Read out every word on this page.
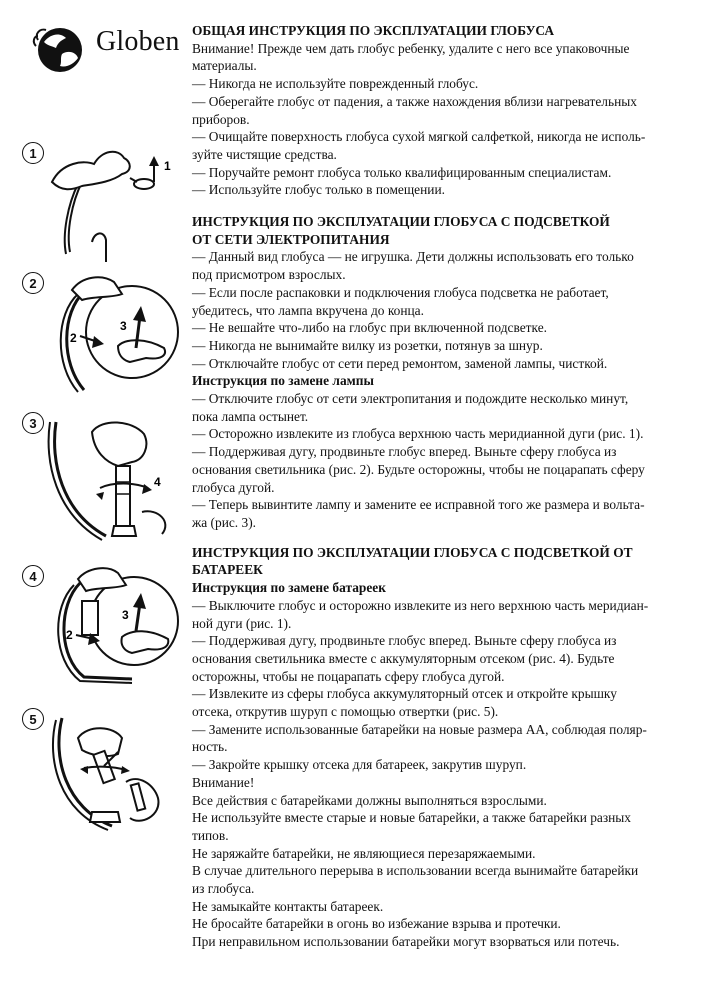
Globen ОБЩАЯ ИНСТРУКЦИЯ ПО ЭКСПЛУАТАЦИИ ГЛОБУСА

Внимание! Прежде чем дать глобус ребенку, удалите с него все упаковочные

материалы.

— Никогда не используйте поврежденный глобус.

— Оберегайте глобус от падения, а также нахождения вблизи нагревательных

приборов.

— Очищайте поверхность глобуса сухой мягкой салфеткой, никогда не исполь-

зуйте чистящие средства.

— Поручайте ремонт глобуса только квалифицированным специалистам.

— Используйте глобус только в помещении.

ИНСТРУКЦИЯ ПО ЭКСПЛУАТАЦИИ ГЛОБУСА С ПОДСВЕТКОЙ

ОТ СЕТИ ЭЛЕКТРОПИТАНИЯ

— Данный вид глобуса — не игрушка. Дети должны использовать его только

под присмотром взрослых.

— Если после распаковки и подключения глобуса подсветка не работает,

убедитесь, что лампа вкручена до конца.

— Не вешайте что-либо на глобус при включенной подсветке.

— Никогда не вынимайте вилку из розетки, потянув за шнур.

— Отключайте глобус от сети перед ремонтом, заменой лампы, чисткой.

Инструкция по замене лампы

— Отключите глобус от сети электропитания и подождите несколько минут,

пока лампа остынет.

— Осторожно извлеките из глобуса верхнюю часть меридианной дуги (рис. 1).

— Поддерживая дугу, продвиньте глобус вперед. Выньте сферу глобуса из

основания светильника (рис. 2). Будьте осторожны, чтобы не поцарапать сферу

глобуса дугой.

— Теперь вывинтите лампу и замените ее исправной того же размера и вольта-

жа (рис. 3).

ИНСТРУКЦИЯ ПО ЭКСПЛУАТАЦИИ ГЛОБУСА С ПОДСВЕТКОЙ ОТ

БАТАРЕЕК

Инструкция по замене батареек

— Выключите глобус и осторожно извлеките из него верхнюю часть меридиан-

ной дуги (рис. 1).

— Поддерживая дугу, продвиньте глобус вперед. Выньте сферу глобуса из

основания светильника вместе с аккумуляторным отсеком (рис. 4). Будьте

осторожны, чтобы не поцарапать сферу глобуса дугой.

— Извлеките из сферы глобуса аккумуляторный отсек и откройте крышку

отсека, открутив шуруп с помощью отвертки (рис. 5).

— Замените использованные батарейки на новые размера АА, соблюдая поляр-

ность.

— Закройте крышку отсека для батареек, закрутив шуруп.

Внимание!

Все действия с батарейками должны выполняться взрослыми.

Не используйте вместе старые и новые батарейки, а также батарейки разных

типов.

Не заряжайте батарейки, не являющиеся перезаряжаемыми.

В случае длительного перерыва в использовании всегда вынимайте батарейки

из глобуса.

Не замыкайте контакты батареек.

Не бросайте батарейки в огонь во избежание взрыва и протечки.

При неправильном использовании батарейки могут взорваться или потечь.

1
1
2
2
3
3
4
4
2
3
5
